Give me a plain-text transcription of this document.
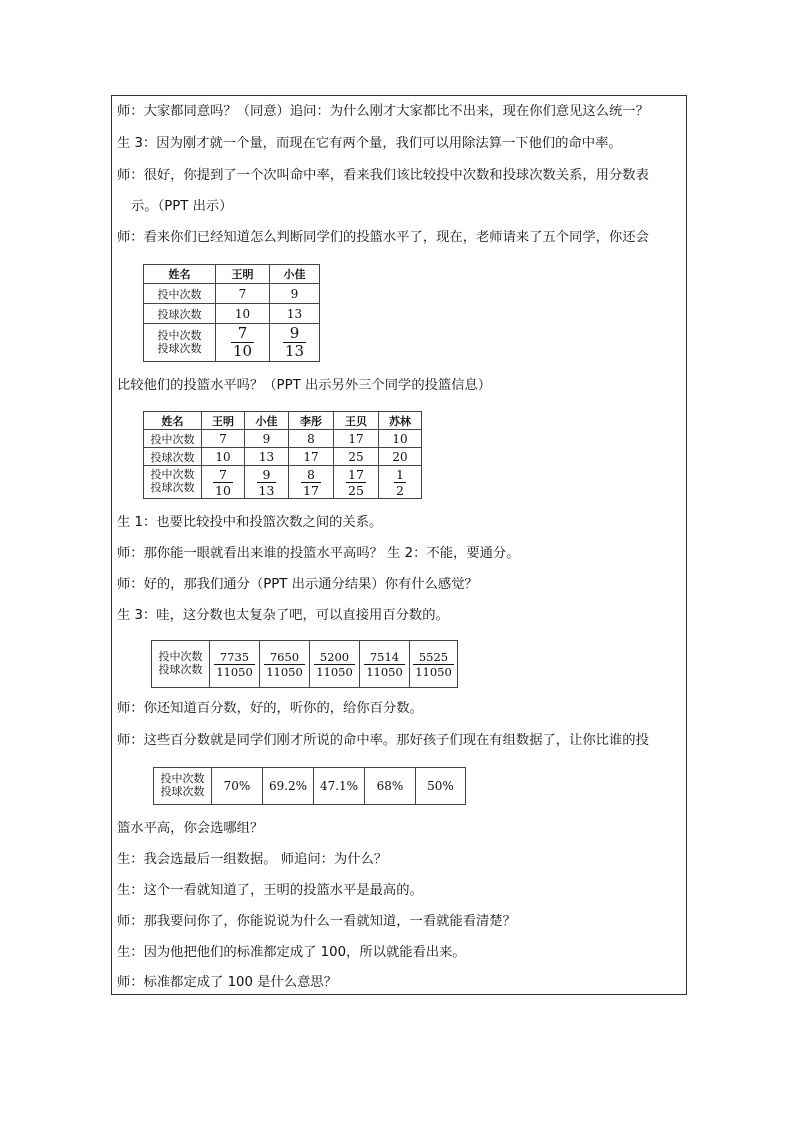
师：大家都同意吗？（同意）追问：为什么刚才大家都比不出来，现在你们意见这么统一？
生 3：因为刚才就一个量，而现在它有两个量，我们可以用除法算一下他们的命中率。
师：很好，你提到了一个次叫命中率，看来我们该比较投中次数和投球次数关系，用分数表
示。（PPT 出示）
师：看来你们已经知道怎么判断同学们的投篮水平了，现在，老师请来了五个同学，你还会
姓名	王明	小佳
投中次数	7	9
投球次数	10	13

投中次数
投球次数	$\frac{7}{10}$	$\frac{9}{13}$
比较他们的投篮水平吗？（PPT 出示另外三个同学的投篮信息）
姓名	王明	小佳	李彤	王贝	苏林
投中次数	7	9	8	17	10
投球次数	10	13	17	25	20

投中次数
投球次数	$\frac{7}{10}$	$\frac{9}{13}$	$\frac{8}{17}$	$\frac{17}{25}$	$\frac{1}{2}$
生 1：也要比较投中和投篮次数之间的关系。
师：那你能一眼就看出来谁的投篮水平高吗？ 生 2：不能，要通分。
师：好的，那我们通分（PPT 出示通分结果）你有什么感觉？
生 3：哇，这分数也太复杂了吧，可以直接用百分数的。
投中次数
投球次数	$\frac{7735}{11050}$	$\frac{7650}{11050}$	$\frac{5200}{11050}$	$\frac{7514}{11050}$	$\frac{5525}{11050}$
师：你还知道百分数，好的，听你的，给你百分数。
师：这些百分数就是同学们刚才所说的命中率。那好孩子们现在有组数据了，让你比谁的投
投中次数
投球次数	70%	69.2%	47.1%	68%	50%
篮水平高，你会选哪组？
生：我会选最后一组数据。 师追问：为什么？
生：这个一看就知道了，王明的投篮水平是最高的。
师：那我要问你了，你能说说为什么一看就知道，一看就能看清楚？
生：因为他把他们的标准都定成了 100，所以就能看出来。
师：标准都定成了 100 是什么意思？
